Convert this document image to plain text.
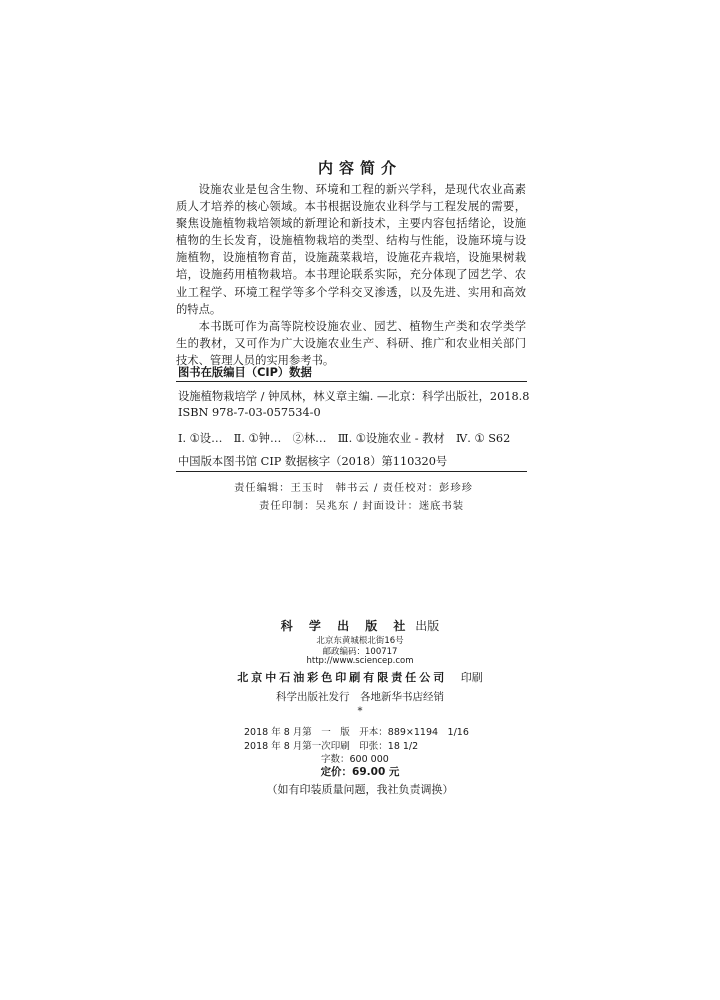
内容简介

设施农业是包含生物、环境和工程的新兴学科，是现代农业高素质人才培养的核心领域。本书根据设施农业科学与工程发展的需要，聚焦设施植物栽培领域的新理论和新技术，主要内容包括绪论，设施植物的生长发育，设施植物栽培的类型、结构与性能，设施环境与设施植物，设施植物育苗，设施蔬菜栽培，设施花卉栽培，设施果树栽培，设施药用植物栽培。本书理论联系实际，充分体现了园艺学、农业工程学、环境工程学等多个学科交叉渗透，以及先进、实用和高效的特点。

本书既可作为高等院校设施农业、园艺、植物生产类和农学类学生的教材，又可作为广大设施农业生产、科研、推广和农业相关部门技术、管理人员的实用参考书。

图书在版编目（CIP）数据
设施植物栽培学 / 钟凤林，林义章主编. —北京：科学出版社，2018.8
ISBN 978-7-03-057534-0
Ⅰ. ①设…　Ⅱ. ①钟…　②林…　Ⅲ. ①设施农业 - 教材　Ⅳ. ① S62
中国版本图书馆 CIP 数据核字（2018）第110320号
责任编辑：王玉时　韩书云 / 责任校对：彭珍珍
责任印制：吴兆东 / 封面设计：迷底书装
科 学 出 版 社 出版
北京东黄城根北街16号
邮政编码：100717
http://www.sciencep.com
北京中石油彩色印刷有限责任公司 印刷
科学出版社发行　各地新华书店经销
*
2018 年 8 月第　一　版　开本：889×1194　1/16
2018 年 8 月第一次印刷　印张：18 1/2
字数：600 000
定价：69.00 元
（如有印装质量问题，我社负责调换）
